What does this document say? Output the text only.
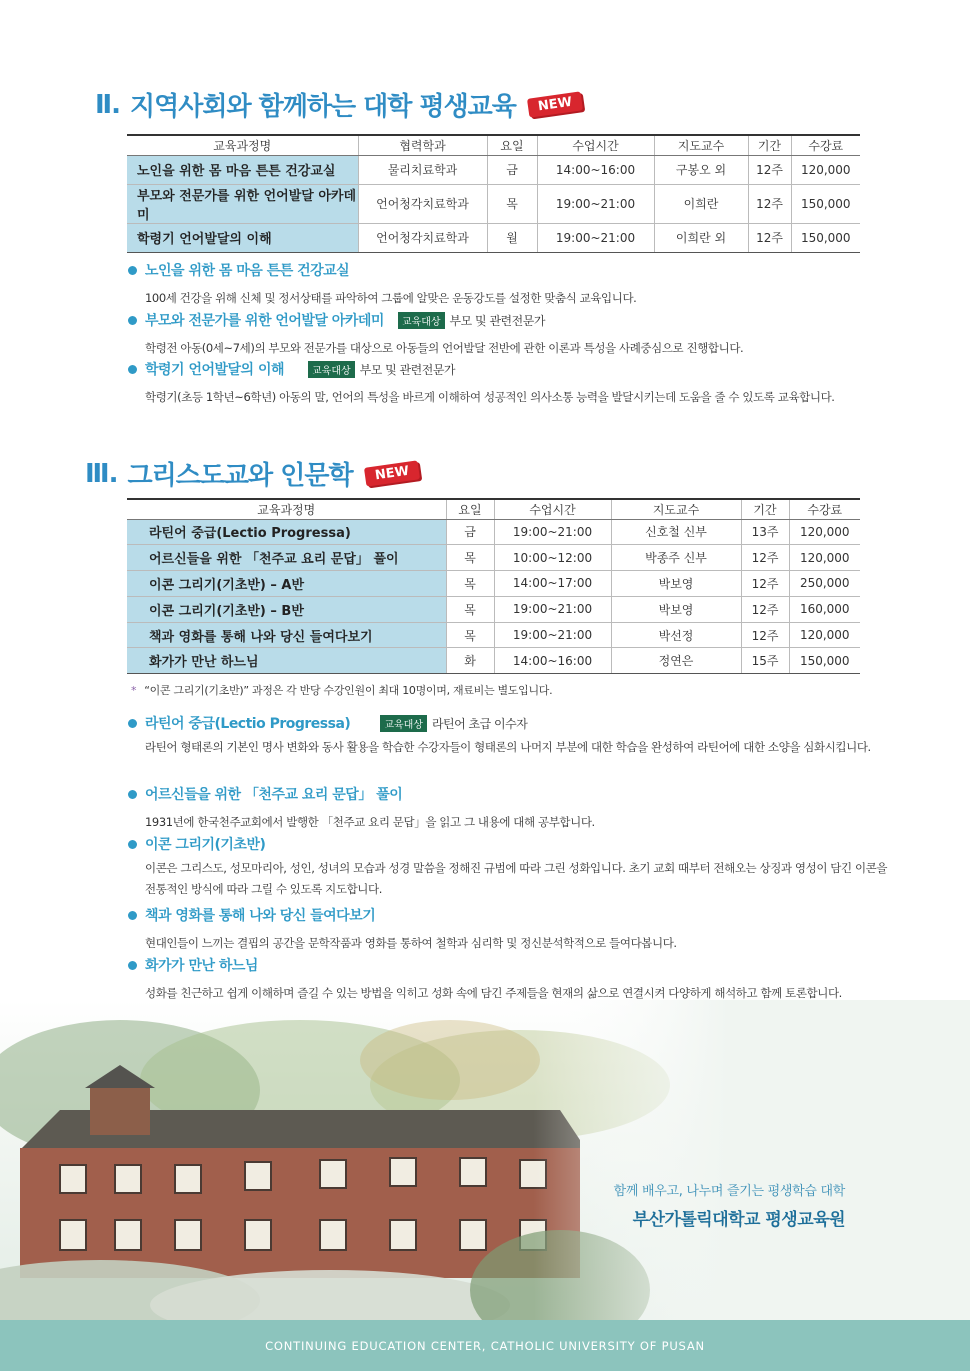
Ⅱ. 지역사회와 함께하는 대학 평생교육	NEW
교육과정명	협력학과	요일	수업시간	지도교수	기간	수강료
노인을 위한 몸 마음 튼튼 건강교실	물리치료학과	금	14:00~16:00	구봉오 외	12주	120,000
부모와 전문가를 위한 언어발달 아카데미	언어청각치료학과	목	19:00~21:00	이희란	12주	150,000
학령기 언어발달의 이해	언어청각치료학과	월	19:00~21:00	이희란 외	12주	150,000
노인을 위한 몸 마음 튼튼 건강교실
100세 건강을 위해 신체 및 정서상태를 파악하여 그룹에 알맞은 운동강도를 설정한 맞춤식 교육입니다.
부모와 전문가를 위한 언어발달 아카데미	교육대상 부모 및 관련전문가
학령전 아동(0세~7세)의 부모와 전문가를 대상으로 아동들의 언어발달 전반에 관한 이론과 특성을 사례중심으로 진행합니다.
학령기 언어발달의 이해	교육대상 부모 및 관련전문가
학령기(초등 1학년~6학년) 아동의 말, 언어의 특성을 바르게 이해하여 성공적인 의사소통 능력을 발달시키는데 도움을 줄 수 있도록 교육합니다.
Ⅲ. 그리스도교와 인문학	NEW
교육과정명	요일	수업시간	지도교수	기간	수강료
라틴어 중급(Lectio Progressa)	금	19:00~21:00	신호철 신부	13주	120,000
어르신들을 위한 「천주교 요리 문답」 풀이	목	10:00~12:00	박종주 신부	12주	120,000
이콘 그리기(기초반) – A반	목	14:00~17:00	박보영	12주	250,000
이콘 그리기(기초반) – B반	목	19:00~21:00	박보영	12주	160,000
책과 영화를 통해 나와 당신 들여다보기	목	19:00~21:00	박선정	12주	120,000
화가가 만난 하느님	화	14:00~16:00	정연은	15주	150,000
* “이콘 그리기(기초반)” 과정은 각 반당 수강인원이 최대 10명이며, 재료비는 별도입니다.
라틴어 중급(Lectio Progressa)	교육대상 라틴어 초급 이수자
라틴어 형태론의 기본인 명사 변화와 동사 활용을 학습한 수강자들이 형태론의 나머지 부분에 대한 학습을 완성하여 라틴어에 대한 소양을 심화시킵니다.
어르신들을 위한 「천주교 요리 문답」 풀이
1931년에 한국천주교회에서 발행한 「천주교 요리 문답」을 읽고 그 내용에 대해 공부합니다.
이콘 그리기(기초반)
이콘은 그리스도, 성모마리아, 성인, 성녀의 모습과 성경 말씀을 정해진 규범에 따라 그린 성화입니다. 초기 교회 때부터 전해오는 상징과 영성이 담긴 이콘을 전통적인 방식에 따라 그릴 수 있도록 지도합니다.
책과 영화를 통해 나와 당신 들여다보기
현대인들이 느끼는 결핍의 공간을 문학작품과 영화를 통하여 철학과 심리학 및 정신분석학적으로 들여다봅니다.
화가가 만난 하느님
성화를 친근하고 쉽게 이해하며 즐길 수 있는 방법을 익히고 성화 속에 담긴 주제들을 현재의 삶으로 연결시켜 다양하게 해석하고 함께 토론합니다.
함께 배우고, 나누며 즐기는 평생학습 대학
부산가톨릭대학교 평생교육원
CONTINUING EDUCATION CENTER, CATHOLIC UNIVERSITY OF PUSAN
